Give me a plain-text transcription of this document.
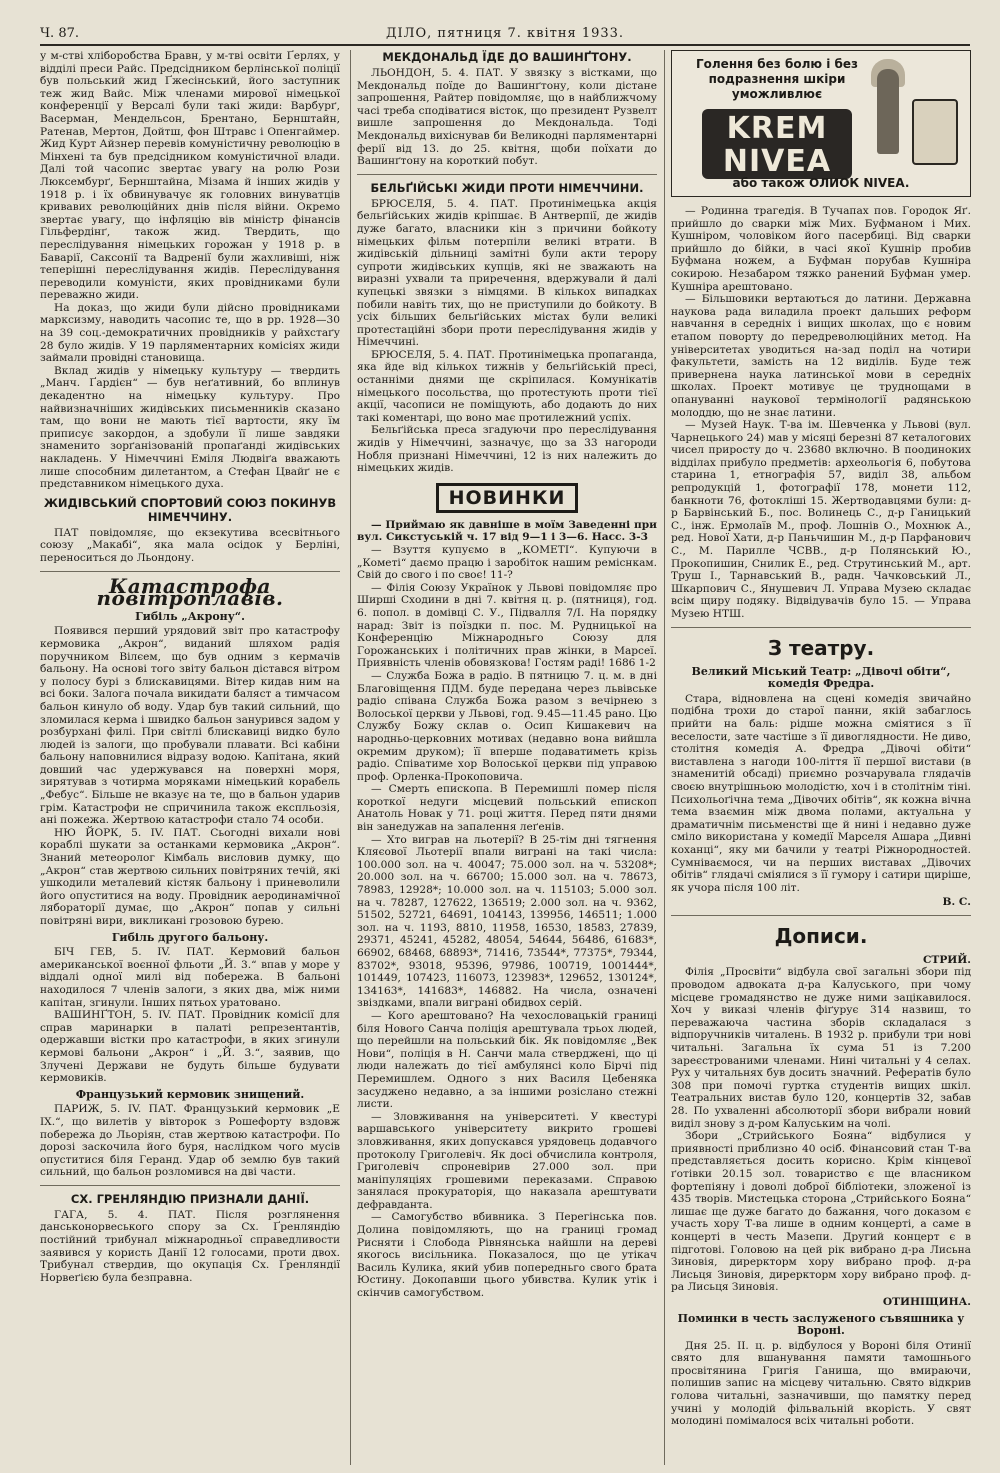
Ч. 87.	ДІЛО, пятниця 7. квітня 1933.

у м-стві хліборобства Бравн, у м-тві освіти Ґерлях, у відділі преси Райс. Предсідником берлінської поліції був польський жид Ґжесінський, його заступник теж жид Вайс. Між членами мирової німецької конференції у Версалі були такі жиди: Варбурґ, Васерман, Мендельсон, Брентано, Бернштайн, Ратенав, Мертон, Дойтш, фон Штравс і Опенгаймер. Жид Курт Айзнер перевів комуністичну революцію в Мінхені та був предсідником комуністичної влади. Далі той часопис звертає увагу на ролю Рози Люксембурґ, Бернштайна, Мізама й інших жидів у 1918 р. і їх обвинувачує як головних винуватців кривавих революційних днів після війни. Окремо звертає увагу, що інфляцію вів міністр фінансів Гільфердінґ, також жид. Твердить, що переслідування німецьких горожан у 1918 р. в Баварії, Саксонії та Вадренії були жахливіші, ніж теперішні переслідування жидів. Переслідування переводили комуністи, яких провідниками були переважно жиди.

На доказ, що жиди були дійсно провідниками марксизму, наводить часопис те, що в рр. 1928—30 на 39 соц.-демократичних провідників у райхстаґу 28 було жидів. У 19 парляментарних комісіях жиди займали провідні становища.

Вклад жидів у німецьку культуру — твердить „Манч. Ґардієн“ — був неґативний, бо вплинув декадентно на німецьку культуру. Про найвизначніших жидівських письменників сказано там, що вони не мають тієї вартости, яку їм приписує закордон, а здобули її лише завдяки знаменито зорґанізованій пропаґанді жидівських накладень. У Німеччині Еміля Людвіґа вважають лише способним дилетантом, а Стефан Цвайґ не є представником німецького духа.

ЖИДІВСЬКИЙ СПОРТОВИЙ СОЮЗ ПОКИНУВ НІМЕЧЧИНУ.

ПАТ повідомляє, що екзекутива всесвітнього союзу „Макабі“, яка мала осідок у Берліні, переноситься до Льондону.

Катастрофа повітроплавів.
Гибіль „Акрону“.

Появився перший урядовий звіт про катастрофу кермовика „Акрон“, виданий шляхом радія поручником Вілєем, що був одним з кермачів бальону. На основі того звіту бальон дістався вітром у полосу бурі з блискавицями. Вітер кидав ним на всі боки. Залога почала викидати баляст а тимчасом бальон кинуло об воду. Удар був такий сильний, що зломилася керма і швидко бальон занурився задом у розбурхані филі. При світлі блискавиці видко було людей із залоги, що пробували плавати. Всі кабіни бальону наповнилися відразу водою. Капітана, який довший час удержувався на поверхні моря, зирятував з чотирма моряками німецький корабель „Фебус“. Більше не вказує на те, що в бальон ударив грім. Катастрофи не спричинила також експльозія, ані пожежа. Жертвою катастрофи стало 74 особи.

НЮ ЙОРК, 5. IV. ПАТ. Сьогодні вихали нові кораблі шукати за останками кермовика „Акрон“. Знаний метеоролог Кімбаль висловив думку, що „Акрон“ став жертвою сильних повітряних течій, які ушкодили металевий кістяк бальону і приневолили його опуститися на воду. Провідник аеродинамічної лябораторії думає, що „Акрон“ попав у сильні повітряні вири, викликані грозовою бурею.

Гибіль другого бальону.

БІЧ ГЕВ, 5. IV. ПАТ. Кермовий бальон американської воєнної фльоти „Й. 3.“ впав у море у віддалі одної милі від побережа. В бальоні находилося 7 членів залоги, з яких два, між ними капітан, згинули. Інших пятьох уратовано.

ВАШИНҐТОН, 5. IV. ПАТ. Провідник комісії для справ маринарки в палаті репрезентантів, одержавши вістки про катастрофи, в яких згинули кермові бальони „Акрон“ і „Й. 3.“, заявив, що Злучені Держави не будуть більше будувати кермовиків.

Французький кермовик знищений.

ПАРИЖ, 5. IV. ПАТ. Французький кермовик „Е IX.“, що вилетів у вівторок з Рошефорту вздовж побережа до Льоріян, став жертвою катастрофи. По дорозі заскочила його буря, наслідком чого мусів опуститися біля Геранд. Удар об землю був такий сильний, що бальон розломився на дві части.

СХ. ГРЕНЛЯНДІЮ ПРИЗНАЛИ ДАНІЇ.

ГАГА, 5. 4. ПАТ. Після розглянення данськонорвеського спору за Сх. Ґренляндію постійний трибунал міжнародньої справедливости заявився у користь Данії 12 голосами, проти двох. Трибунал ствердив, що окупація Сх. Ґренляндії Норвеґією була безправна.

МЕКДОНАЛЬД ЇДЕ ДО ВАШИНҐТОНУ.

ЛЬОНДОН, 5. 4. ПАТ. У звязку з вістками, що Мекдональд поїде до Вашинґтону, коли дістане запрошення, Райтер повідомляє, що в найближчому часі треба сподіватися вісток, що президент Рузвелт вишле запрошення до Мекдональда. Тоді Мекдональд вихіснував би Великодні парляментарні ферії від 13. до 25. квітня, щоби поїхати до Вашинґтону на короткий побут.

БЕЛЬҐІЙСЬКІ ЖИДИ ПРОТИ НІМЕЧЧИНИ.

БРЮСЕЛЯ, 5. 4. ПАТ. Протинімецька акція бельґійських жидів кріпшає. В Антверпії, де жидів дуже багато, власники кін з причини бойкоту німецьких фільм потерпіли великі втрати. В жидівській дільниці замітні були акти терору супроти жидівських купців, які не зважають на виразні ухвали та приречення, вдержували й далі купецькі звязки з німцями. В кількох випадках побили навіть тих, що не приступили до бойкоту. В усіх більших бельґійських містах були великі протестаційні збори проти переслідування жидів у Німеччині.

БРЮСЕЛЯ, 5. 4. ПАТ. Протинімецька пропаганда, яка йде від кількох тижнів у бельґійській пресі, останніми днями ще скріпилася. Комунікатів німецького посольства, що протестують проти тієї акції, часописи не поміщують, або додають до них такі коментарі, що воно має протилежний успіх.

Бельґійська преса згадуючи про переслідування жидів у Німеччині, зазначує, що за 33 нагороди Нобля признані Німеччині, 12 із них належить до німецьких жидів.

НОВИНКИ

— Приймаю як давніше в моїм Заведенні при вул. Сикстуській ч. 17 від 9—1 і 3—6. Насс. 3-3

— Взуття купуємо в „КОМЕТІ“. Купуючи в „Кометі“ даємо працю і заробіток нашим реміснкам. Свій до свого і по своє! 11-?

— Філія Союзу Українок у Львові повідомляє про Ширші Сходини в дні 7. квітня ц. р. (пятниця), год. 6. попол. в домівці С. У., Підвалля 7/I. На порядку нарад: Звіт із поїздки п. пос. М. Рудницької на Конференцію Міжнародньго Союзу для Горожанських і політичних прав жінки, в Марсеї. Приявність членів обовязкова! Гостям раді! 1686 1-2

— Служба Божа в радіо. В пятницю 7. ц. м. в дні Благовіщення ПДМ. буде передана через львівське радіо співана Служба Божа разом з вечірнею з Волоської церкви у Львові, год. 9.45—11.45 рано. Цю Службу Божу склав о. Осип Кишакевич на народньо-церковних мотивах (недавно вона вийшла окремим друком); її вперше подаватиметь крізь радіо. Співатиме хор Волоської церкви під управою проф. Орленка-Прокоповича.

— Смерть епископа. В Перемишлі помер після короткої недуги місцевий польський епископ Анатоль Новак у 71. році життя. Перед пяти днями він занедужав на запалення леґенів.

— Хто виграв на льотерії? В 25-тім дні тягнення Кляєової Льотерії впали виграні на такі числа: 100.000 зол. на ч. 40047; 75.000 зол. на ч. 53208*; 20.000 зол. на ч. 66700; 15.000 зол. на ч. 78673, 78983, 12928*; 10.000 зол. на ч. 115103; 5.000 зол. на ч. 78287, 127622, 136519; 2.000 зол. на ч. 9362, 51502, 52721, 64691, 104143, 139956, 146511; 1.000 зол. на ч. 1193, 8810, 11958, 16530, 18583, 27839, 29371, 45241, 45282, 48054, 54644, 56486, 61683*, 66902, 68468, 68893*, 71416, 73544*, 77375*, 79344, 83702*, 93018, 95396, 97986, 100719, 1001444*, 101449, 107423, 116073, 123983*, 129652, 130124*, 134163*, 141683*, 146882. На числа, означені звіздками, впали виграні обидвох серій.

— Кого арештовано? На чехословацькій границі біля Нового Санча поліція арештувала трьох людей, що перейшли на польський бік. Як повідомляє „Век Нови“, поліція в Н. Санчи мала стверджені, що ці люди належать до тієї амбулянсі коло Бірчі під Перемишлем. Одного з них Василя Цебеняка засуджено недавно, а за іншими розіслано стежні листи.

— Зловживання на університеті. У квестурі варшавського університету викрито грошеві зловживання, яких допускався урядовець додавчого протоколу Григолевіч. Як досі обчислила контроля, Григолевіч спроневірив 27.000 зол. при маніпуляціях грошевими переказами. Справою занялася прокураторія, що наказала арештувати дефравданта.

— Самогубство вбивника. З Перегінська пов. Долина повідомляють, що на границі громад Рисняти і Слобода Рівнянська найшли на дереві якогось висільника. Показалося, що це утікач Василь Кулика, який убив попередньго свого брата Юстину. Докопавши цього убивства. Кулик утік і скінчив самогубством.

Голення без болю і без подразнення шкіри уможливлює
KREM
NIVEA
або також ОЛИОК NIVEA.

— Родинна трагедія. В Тучапах пов. Городок Яґ. прийшло до сварки між Мих. Буфманом і Мих. Кушніром, чоловіком його пасербиці. Від сварки прийшло до бійки, в часі якої Кушнір пробив Буфмана ножем, а Буфман порубав Кушніра сокирою. Незабаром тяжко ранений Буфман умер. Кушніра арештовано.

— Більшовики вертаються до латини. Державна наукова рада виладила проект дальших реформ навчання в середніх і вищих школах, що є новим етапом поворту до передреволюційних метод. На університетах уводиться на-зад поділ на чотири факультети, замість на 12 виділів. Буде теж привернена наука латинської мови в середніх школах. Проект мотивує це труднощами в опануванні наукової термінології радянською молоддю, що не знає латини.

— Музей Наук. Т-ва ім. Шевченка у Львові (вул. Чарнецького 24) мав у місяці березні 87 кеталогових чисел приросту до ч. 23680 включно. В поодиноких відділах прибуло предметів: археольогія 6, побутова старина 1, етнографія 57, виділ 38, альбом репродукцій 1, фотографії 178, монети 112, банкноти 76, фотокліші 15. Жертводавцями були: д-р Барвінський Б., пос. Волинець С., д-р Ганицький С., інж. Ермолаїв М., проф. Лошнів О., Мохнюк А., ред. Нової Хати, д-р Паньчишин М., д-р Парфанович С., М. Парилле ЧСВВ., д-р Полянський Ю., Прокопишин, Снилик Е., ред. Струтинський М., арт. Труш І., Тарнавський В., радн. Чачковський Л., Шкарпович С., Янушевич Л. Управа Музею складає всім щиру подяку. Відвідувачів було 15. — Управа Музею НТШ.

З театру.
Великий Міський Театр: „Дівочі обіти“, комедія Фредра.

Стара, відновлена на сцені комедія звичайно подібна трохи до старої панни, якій забаглось прийти на баль: рідше можна сміятися з її веселости, зате частіше з її дивоглядности. Не диво, столітня комедія А. Фредра „Дівочі обіти“ виставлена з нагоди 100-ліття її першої вистави (в знаменитій обсаді) приємно розчарувала глядачів своєю внутрішньою молодістю, хоч і в столітнім тіні. Психольоґічна тема „Дівочих обітів“, як кожна вічна тема взаємин між двома полами, актуальна у драматичнім письменстві ще й нині і недавно дуже сміло використана у комедії Марселя Ашара „Дивні коханці“, яку ми бачили у театрі Ріжнородностей. Сумніваємося, чи на перших виставах „Дівочих обітів“ глядачі сміялися з її гумору і сатири щиріше, як учора після 100 літ.

В. С.
Дописи.
СТРИЙ.

Філія „Просвіти“ відбула свої загальні збори під проводом адвоката д-ра Калуського, при чому місцеве громадянство не дуже ними зацікавилося. Хоч у виказі членів фіґурує 314 назвиш, то переважаюча частина зборів складалася з відпоручників читалень. В 1932 р. прибули три нові читальні. Загальна їх сума 51 із 7.200 зареєстрованими членами. Нині читальні у 4 селах. Рух у читальнях був досить значний. Рефератів було 308 при помочі гуртка студентів вищих шкіл. Театральних вистав було 120, концертів 32, забав 28. По ухваленні абсолюторії збори вибрали новий виділ знову з д-ром Калуським на чолі.

Збори „Стрийського Бояна“ відбулися у приявності приблизно 40 осіб. Фінансовий стан Т-ва представляється досить корисно. Крім кінцевої ґотівки 20.15 зол. товариство є ще власником фортепіяну і доволі доброї бібліотеки, зложеної із 435 творів. Мистецька сторона „Стрийського Бояна“ лишає ще дуже багато до бажання, чого доказом є участь хору Т-ва лише в одним концерті, а саме в концерті в честь Мазепи. Другий концерт є в підготові. Головою на цей рік вибрано д-ра Лисьна Зиновія, диреркторм хору вибрано проф. д-ра Лисьця Зиновія, диреркторм хору вибрано проф. д-ра Лисьця Зиновія.

ОТИНІЩИНА.
Поминки в честь заслуженого съвяшника у Вороні.

Дня 25. II. ц. р. відбулося у Вороні біля Отинії свято для вшанування памяти тамошнього просвітянина Григія Ганиша, що вмираючи, полишив запис на місцеву читальню. Свято відкрив голова читальні, зазначивши, що памятку перед учині у молодій фільвальній вкорість. У свят молодині помімалося всіх читальні роботи.
